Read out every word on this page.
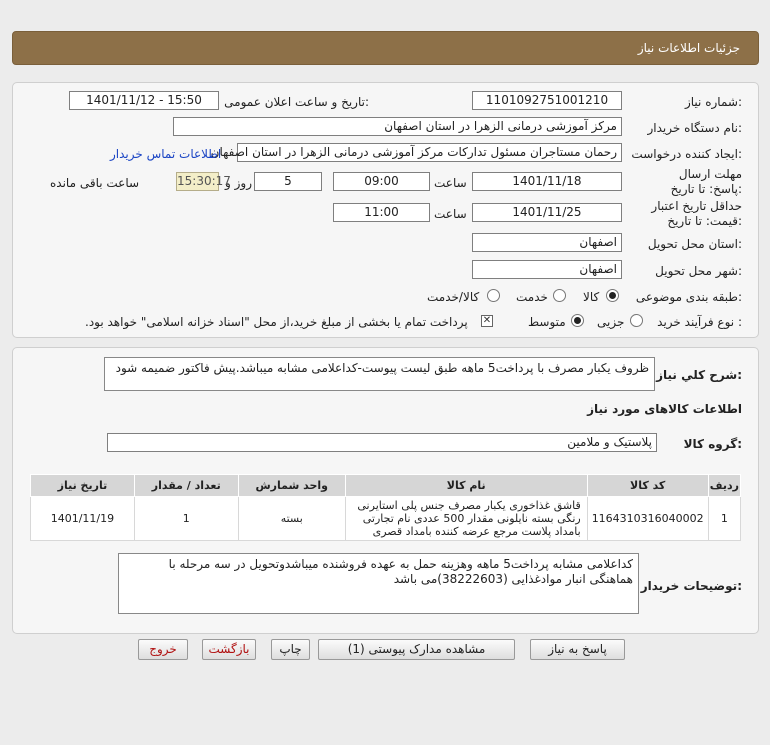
جزئیات اطلاعات نیاز
شماره نیاز:
1101092751001210
تاریخ و ساعت اعلان عمومی:
1401/11/12 - 15:50
نام دستگاه خریدار:
مرکز آموزشی درمانی الزهرا در استان اصفهان
ایجاد کننده درخواست:
رحمان مستاجران مسئول تدارکات مرکز آموزشی درمانی الزهرا در استان اصفهان
اطلاعات تماس خریدار
مهلت ارسال پاسخ: تا تاریخ:
1401/11/18
ساعت
09:00
5
روز و
15:30:17
ساعت باقی مانده
حداقل تاریخ اعتبار قیمت: تا تاریخ:
1401/11/25
ساعت
11:00
استان محل تحویل:
اصفهان
شهر محل تحویل:
اصفهان
طبقه بندی موضوعی:
کالا
خدمت
کالا/خدمت
نوع فرآیند خرید :
جزیی
متوسط
✕
پرداخت تمام یا بخشی از مبلغ خرید،از محل "اسناد خزانه اسلامی" خواهد بود.
شرح کلي نياز:
ظروف یکبار مصرف با پرداخت5 ماهه طبق لیست پیوست-کداعلامی مشابه میباشد.پیش فاکتور ضمیمه شود
اطلاعات کالاهای مورد نیاز
گروه کالا:
پلاستیک و ملامین
ردیف	کد کالا	نام کالا	واحد شمارش	تعداد / مقدار	تاریخ نیاز
1	1164310316040002	قاشق غذاخوری یکبار مصرف جنس پلی استایرنی رنگی بسته نایلونی مقدار 500 عددی نام تجارتی بامداد پلاست مرجع عرضه کننده بامداد قصری	بسته	1	1401/11/19
توضیحات خریدار:
کداعلامی مشابه پرداخت5 ماهه وهزینه حمل به عهده فروشنده میباشدوتحویل در سه مرحله با هماهنگی انبار موادغذایی (38222603)می باشد
پاسخ به نیاز
مشاهده مدارک پیوستی (1)
چاپ
بازگشت
خروج
